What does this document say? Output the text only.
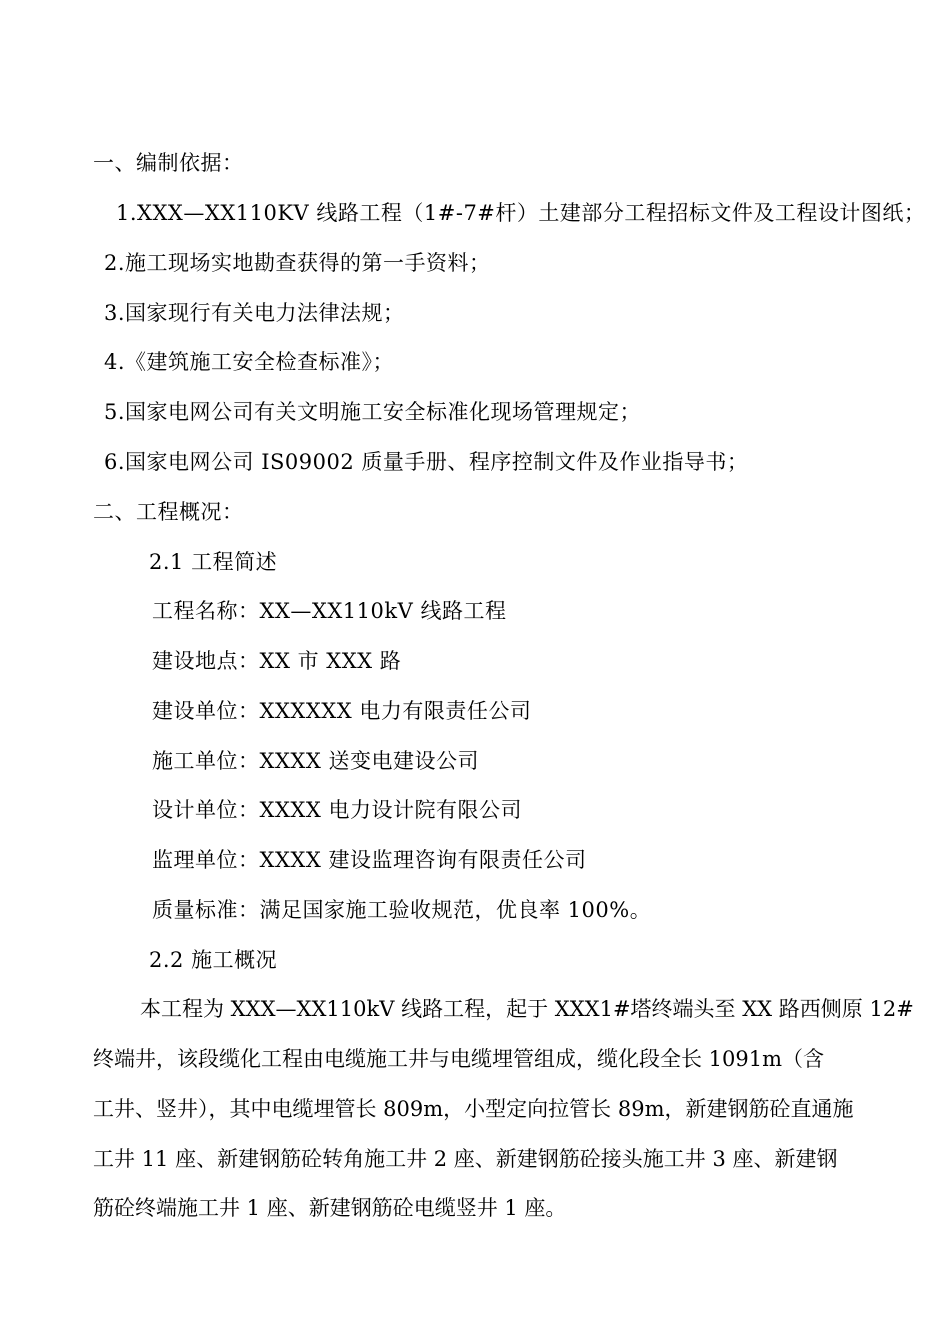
一、编制依据：
1.XXX—XX110KV 线路工程（1#-7#杆）土建部分工程招标文件及工程设计图纸；
2.施工现场实地勘查获得的第一手资料；
3.国家现行有关电力法律法规；
4.《建筑施工安全检查标准》；
5.国家电网公司有关文明施工安全标准化现场管理规定；
6.国家电网公司 IS09002 质量手册、程序控制文件及作业指导书；
二、工程概况：
2.1 工程简述
工程名称：XX—XX110kV 线路工程
建设地点：XX 市 XXX 路
建设单位：XXXXXX 电力有限责任公司
施工单位：XXXX 送变电建设公司
设计单位：XXXX 电力设计院有限公司
监理单位：XXXX 建设监理咨询有限责任公司
质量标准：满足国家施工验收规范，优良率 100%。
2.2 施工概况
本工程为 XXX—XX110kV 线路工程，起于 XXX1#塔终端头至 XX 路西侧原 12#
终端井，该段缆化工程由电缆施工井与电缆埋管组成，缆化段全长 1091m（含
工井、竖井），其中电缆埋管长 809m，小型定向拉管长 89m，新建钢筋砼直通施
工井 11 座、新建钢筋砼转角施工井 2 座、新建钢筋砼接头施工井 3 座、新建钢
筋砼终端施工井 1 座、新建钢筋砼电缆竖井 1 座。
